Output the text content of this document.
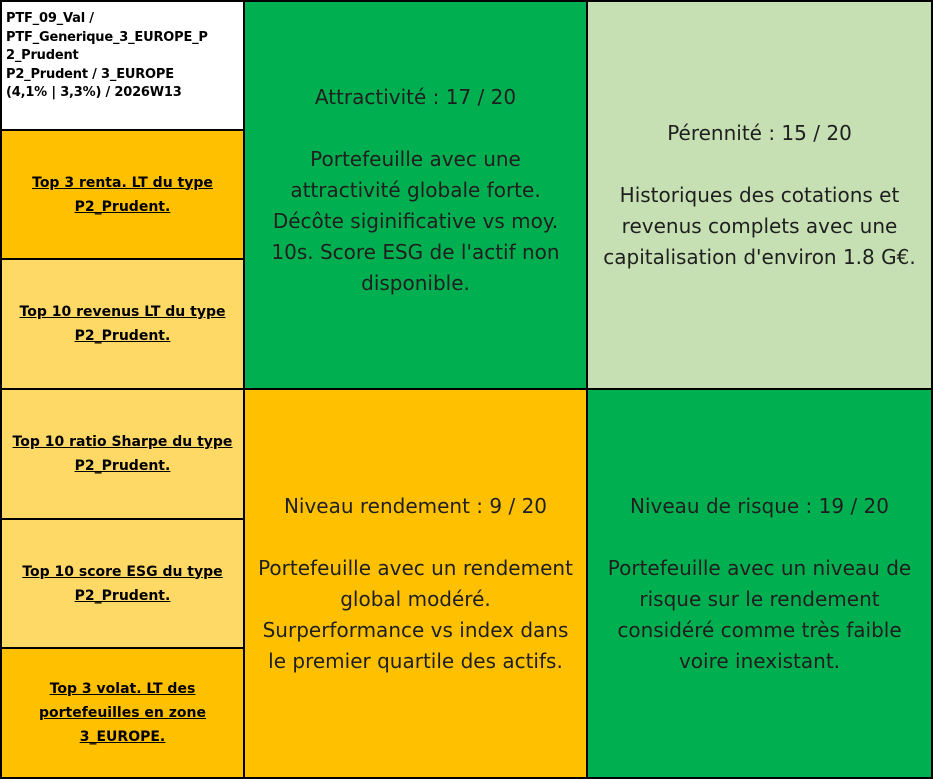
PTF_09_Val /
PTF_Generique_3_EUROPE_P
2_Prudent
P2_Prudent / 3_EUROPE
(4,1% | 3,3%) / 2026W13
Top 3 renta. LT du type P2_Prudent.
Top 10 revenus LT du type P2_Prudent.
Top 10 ratio Sharpe du type P2_Prudent.
Top 10 score ESG du type P2_Prudent.
Top 3 volat. LT des portefeuilles en zone 3_EUROPE.
Attractivité : 17 / 20
Portefeuille avec une
attractivité globale forte.
Décôte siginificative vs moy.
10s. Score ESG de l'actif non
disponible.
Pérennité : 15 / 20
Historiques des cotations et
revenus complets avec une
capitalisation d'environ 1.8 G€.
Niveau rendement : 9 / 20
Portefeuille avec un rendement
global modéré.
Surperformance vs index dans
le premier quartile des actifs.
Niveau de risque : 19 / 20
Portefeuille avec un niveau de
risque sur le rendement
considéré comme très faible
voire inexistant.
